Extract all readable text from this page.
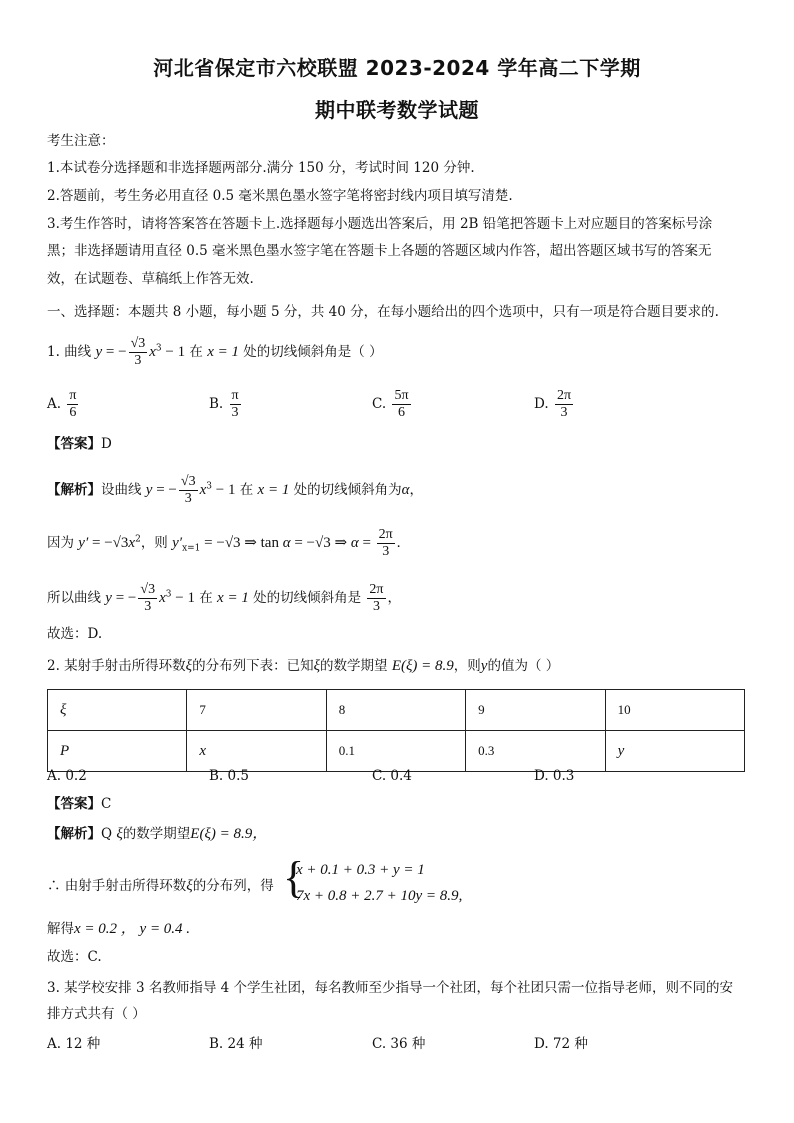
河北省保定市六校联盟 2023-2024 学年高二下学期
期中联考数学试题
考生注意：
1.本试卷分选择题和非选择题两部分.满分 150 分，考试时间 120 分钟.
2.答题前，考生务必用直径 0.5 毫米黑色墨水签字笔将密封线内项目填写清楚.
3.考生作答时，请将答案答在答题卡上.选择题每小题选出答案后，用 2B 铅笔把答题卡上对应题目的答案标号涂
黑；非选择题请用直径 0.5 毫米黑色墨水签字笔在答题卡上各题的答题区域内作答，超出答题区域书写的答案无
效，在试题卷、草稿纸上作答无效.
一、选择题：本题共 8 小题，每小题 5 分，共 40 分，在每小题给出的四个选项中，只有一项是符合题目要求的.
1. 曲线 y = − $\frac{√3}{3} x^3 - 1$ 在 x = 1 处的切线倾斜角是（ ）
A. $\frac{\pi}{6}$	B. $\frac{\pi}{3}$	C. $\frac{5\pi}{6}$	D. $\frac{2\pi}{3}$
【答案】D
【解析】设曲线 y = − $\frac{√3}{3} x^3 - 1$ 在 x = 1 处的切线倾斜角为α，
因为 $y' = -√3x^2$，则 $y'_{x=1} = -√3$ ⇒ tan α = −√3 ⇒ $\alpha = \frac{2\pi}{3}$ .
所以曲线 y = − $\frac{√3}{3} x^3 - 1$ 在 x = 1 处的切线倾斜角是 $\frac{2\pi}{3}$ ，
故选：D.
2. 某射手射击所得环数ξ的分布列下表：已知ξ的数学期望 E(ξ) = 8.9，则y的值为（ ）
ξ	7	8	9	10
P	x	0.1	0.3	y
A. 0.2	B. 0.5	C. 0.4	D. 0.3
【答案】C
【解析】Q ξ的数学期望E(ξ) = 8.9，
∴ 由射手射击所得环数ξ的分布列，得 {
x + 0.1 + 0.3 + y = 1
7x + 0.8 + 2.7 + 10y = 8.9,
解得x = 0.2 ， y = 0.4 .
故选：C.
3. 某学校安排 3 名教师指导 4 个学生社团，每名教师至少指导一个社团，每个社团只需一位指导老师，则不同的安
排方式共有（ ）
A. 12 种	B. 24 种	C. 36 种	D. 72 种
